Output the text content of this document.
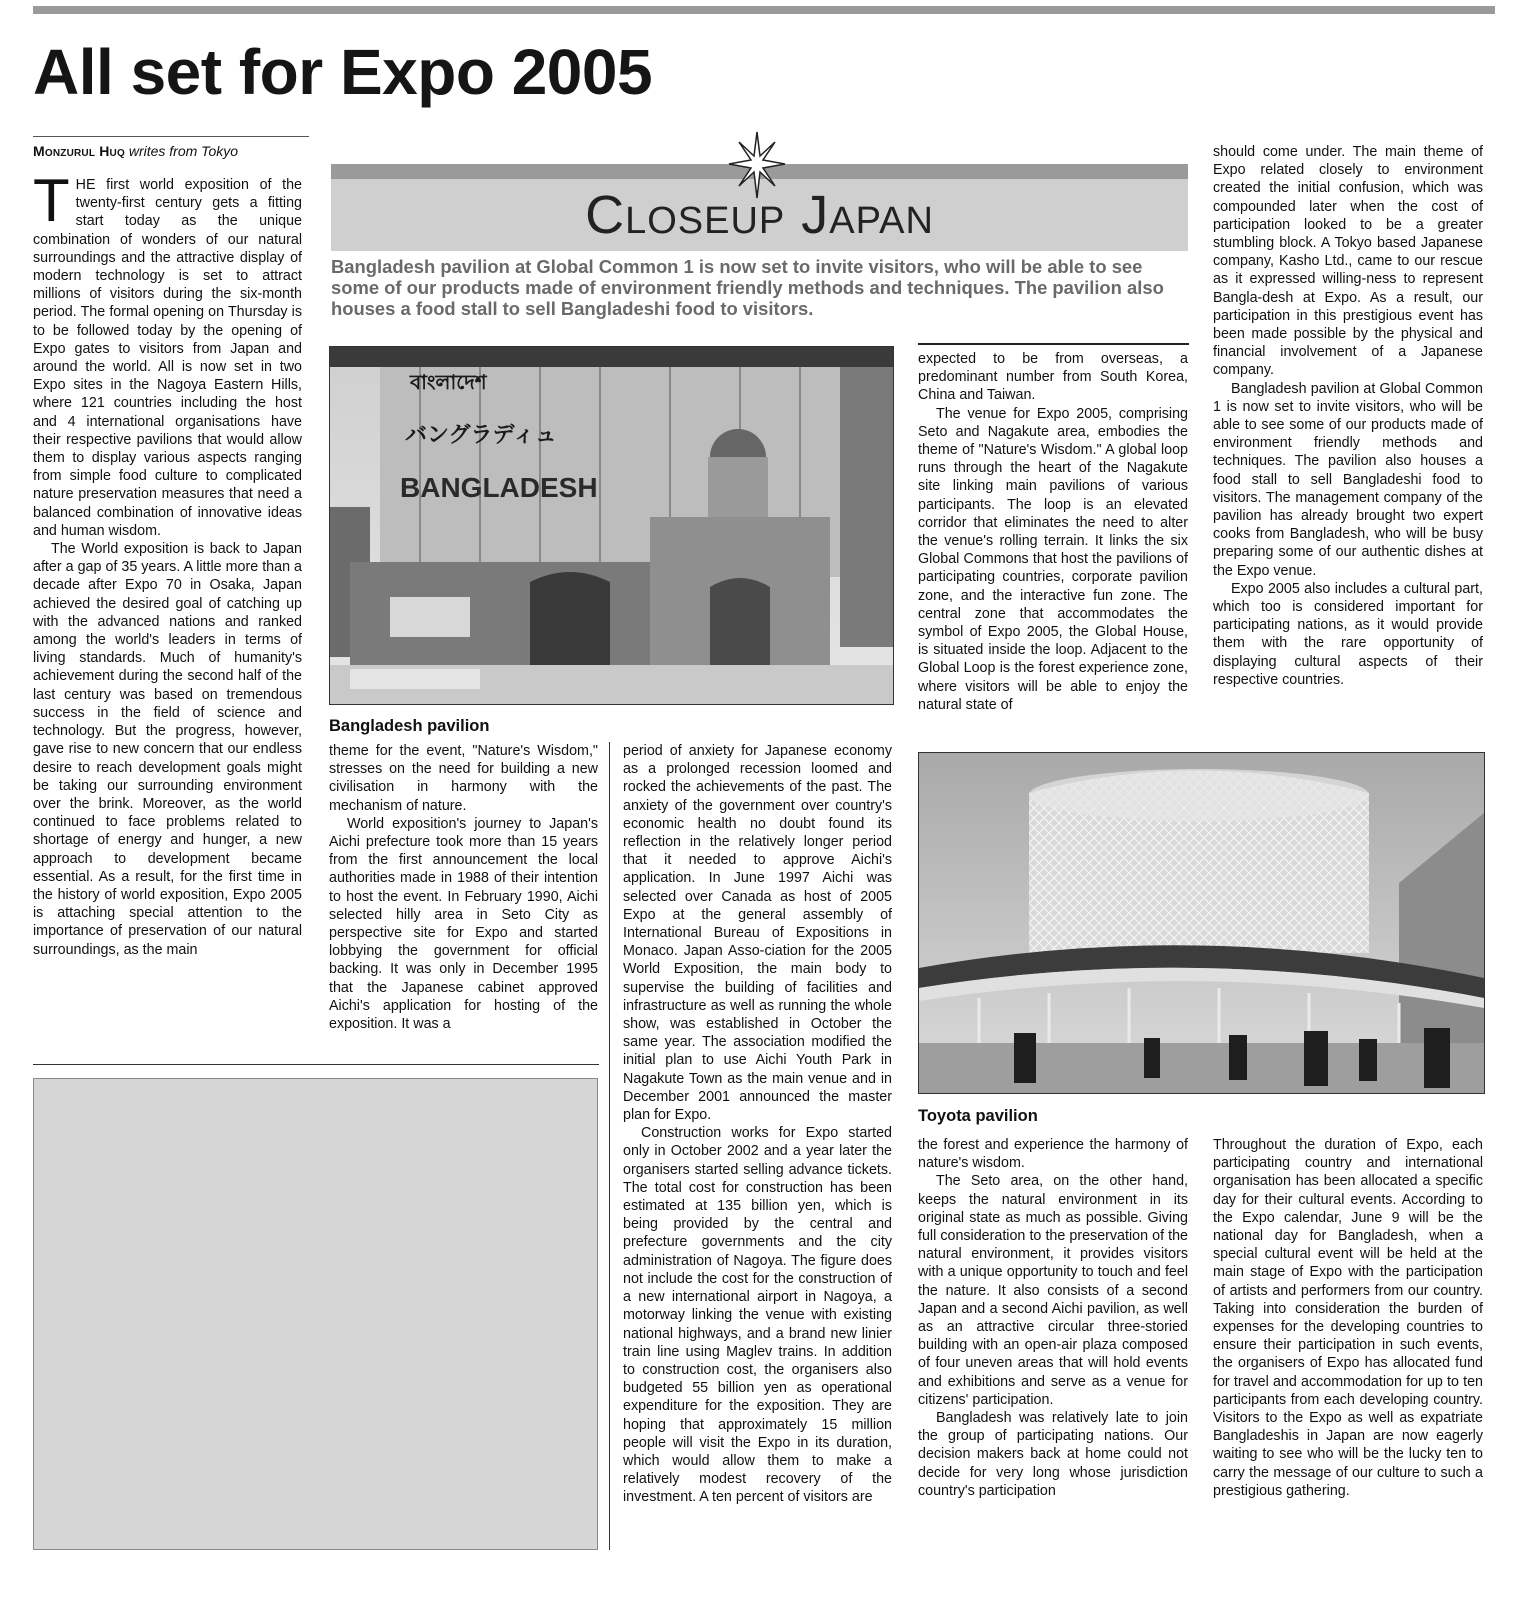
All set for Expo 2005
Monzurul Huq writes from Tokyo

THE first world exposition of the twenty-first century gets a fitting start today as the unique combination of wonders of our natural surroundings and the attractive display of modern technology is set to attract millions of visitors during the six-month period. The formal opening on Thursday is to be followed today by the opening of Expo gates to visitors from Japan and around the world. All is now set in two Expo sites in the Nagoya Eastern Hills, where 121 countries including the host and 4 international organisations have their respective pavilions that would allow them to display various aspects ranging from simple food culture to complicated nature preservation measures that need a balanced combination of innovative ideas and human wisdom.

The World exposition is back to Japan after a gap of 35 years. A little more than a decade after Expo 70 in Osaka, Japan achieved the desired goal of catching up with the advanced nations and ranked among the world's leaders in terms of living standards. Much of humanity's achievement during the second half of the last century was based on tremendous success in the field of science and technology. But the progress, however, gave rise to new concern that our endless desire to reach development goals might be taking our surrounding environment over the brink. Moreover, as the world continued to face problems related to shortage of energy and hunger, a new approach to development became essential. As a result, for the first time in the history of world exposition, Expo 2005 is attaching special attention to the importance of preservation of our natural surroundings, as the main

Closeup Japan

Bangladesh pavilion at Global Common 1 is now set to invite visitors, who will be able to see some of our products made of environment friendly methods and techniques. The pavilion also houses a food stall to sell Bangladeshi food to visitors.

বাংলাদেশ
バングラディュ
BANGLADESH
Bangladesh pavilion

theme for the event, "Nature's Wisdom," stresses on the need for building a new civilisation in harmony with the mechanism of nature.

World exposition's journey to Japan's Aichi prefecture took more than 15 years from the first announcement the local authorities made in 1988 of their intention to host the event. In February 1990, Aichi selected hilly area in Seto City as perspective site for Expo and started lobbying the government for official backing. It was only in December 1995 that the Japanese cabinet approved Aichi's application for hosting of the exposition. It was a

period of anxiety for Japanese economy as a prolonged recession loomed and rocked the achievements of the past. The anxiety of the government over country's economic health no doubt found its reflection in the relatively longer period that it needed to approve Aichi's application. In June 1997 Aichi was selected over Canada as host of 2005 Expo at the general assembly of International Bureau of Expositions in Monaco. Japan Asso-ciation for the 2005 World Exposition, the main body to supervise the building of facilities and infrastructure as well as running the whole show, was established in October the same year. The association modified the initial plan to use Aichi Youth Park in Nagakute Town as the main venue and in December 2001 announced the master plan for Expo.

Construction works for Expo started only in October 2002 and a year later the organisers started selling advance tickets. The total cost for construction has been estimated at 135 billion yen, which is being provided by the central and prefecture governments and the city administration of Nagoya. The figure does not include the cost for the construction of a new international airport in Nagoya, a motorway linking the venue with existing national highways, and a brand new linier train line using Maglev trains. In addition to construction cost, the organisers also budgeted 55 billion yen as operational expenditure for the exposition. They are hoping that approximately 15 million people will visit the Expo in its duration, which would allow them to make a relatively modest recovery of the investment. A ten percent of visitors are

expected to be from overseas, a predominant number from South Korea, China and Taiwan.

The venue for Expo 2005, comprising Seto and Nagakute area, embodies the theme of "Nature's Wisdom." A global loop runs through the heart of the Nagakute site linking main pavilions of various participants. The loop is an elevated corridor that eliminates the need to alter the venue's rolling terrain. It links the six Global Commons that host the pavilions of participating countries, corporate pavilion zone, and the interactive fun zone. The central zone that accommodates the symbol of Expo 2005, the Global House, is situated inside the loop. Adjacent to the Global Loop is the forest experience zone, where visitors will be able to enjoy the natural state of

should come under. The main theme of Expo related closely to environment created the initial confusion, which was compounded later when the cost of participation looked to be a greater stumbling block. A Tokyo based Japanese company, Kasho Ltd., came to our rescue as it expressed willing-ness to represent Bangla-desh at Expo. As a result, our participation in this prestigious event has been made possible by the physical and financial involvement of a Japanese company.

Bangladesh pavilion at Global Common 1 is now set to invite visitors, who will be able to see some of our products made of environment friendly methods and techniques. The pavilion also houses a food stall to sell Bangladeshi food to visitors. The management company of the pavilion has already brought two expert cooks from Bangladesh, who will be busy preparing some of our authentic dishes at the Expo venue.

Expo 2005 also includes a cultural part, which too is considered important for participating nations, as it would provide them with the rare opportunity of displaying cultural aspects of their respective countries.

Toyota pavilion

the forest and experience the harmony of nature's wisdom.

The Seto area, on the other hand, keeps the natural environment in its original state as much as possible. Giving full consideration to the preservation of the natural environment, it provides visitors with a unique opportunity to touch and feel the nature. It also consists of a second Japan and a second Aichi pavilion, as well as an attractive circular three-storied building with an open-air plaza composed of four uneven areas that will hold events and exhibitions and serve as a venue for citizens' participation.

Bangladesh was relatively late to join the group of participating nations. Our decision makers back at home could not decide for very long whose jurisdiction country's participation

Throughout the duration of Expo, each participating country and international organisation has been allocated a specific day for their cultural events. According to the Expo calendar, June 9 will be the national day for Bangladesh, when a special cultural event will be held at the main stage of Expo with the participation of artists and performers from our country. Taking into consideration the burden of expenses for the developing countries to ensure their participation in such events, the organisers of Expo has allocated fund for travel and accommodation for up to ten participants from each developing country. Visitors to the Expo as well as expatriate Bangladeshis in Japan are now eagerly waiting to see who will be the lucky ten to carry the message of our culture to such a prestigious gathering.
